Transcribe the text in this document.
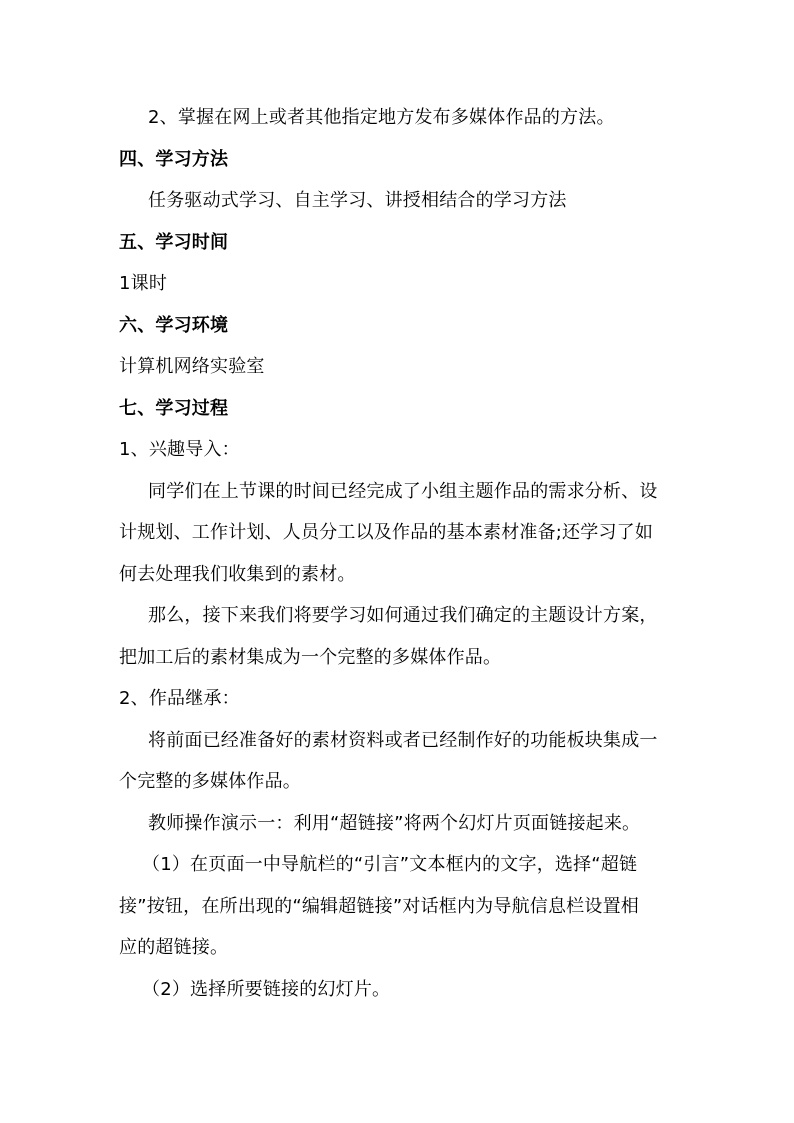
2、掌握在网上或者其他指定地方发布多媒体作品的方法。
四、学习方法
任务驱动式学习、自主学习、讲授相结合的学习方法
五、学习时间
1课时
六、学习环境
计算机网络实验室
七、学习过程
1、兴趣导入：
同学们在上节课的时间已经完成了小组主题作品的需求分析、设
计规划、工作计划、人员分工以及作品的基本素材准备;还学习了如
何去处理我们收集到的素材。
那么，接下来我们将要学习如何通过我们确定的主题设计方案，
把加工后的素材集成为一个完整的多媒体作品。
2、作品继承：
将前面已经准备好的素材资料或者已经制作好的功能板块集成一
个完整的多媒体作品。
教师操作演示一：利用“超链接”将两个幻灯片页面链接起来。
（1）在页面一中导航栏的“引言”文本框内的文字，选择“超链
接”按钮，在所出现的“编辑超链接”对话框内为导航信息栏设置相
应的超链接。
（2）选择所要链接的幻灯片。
